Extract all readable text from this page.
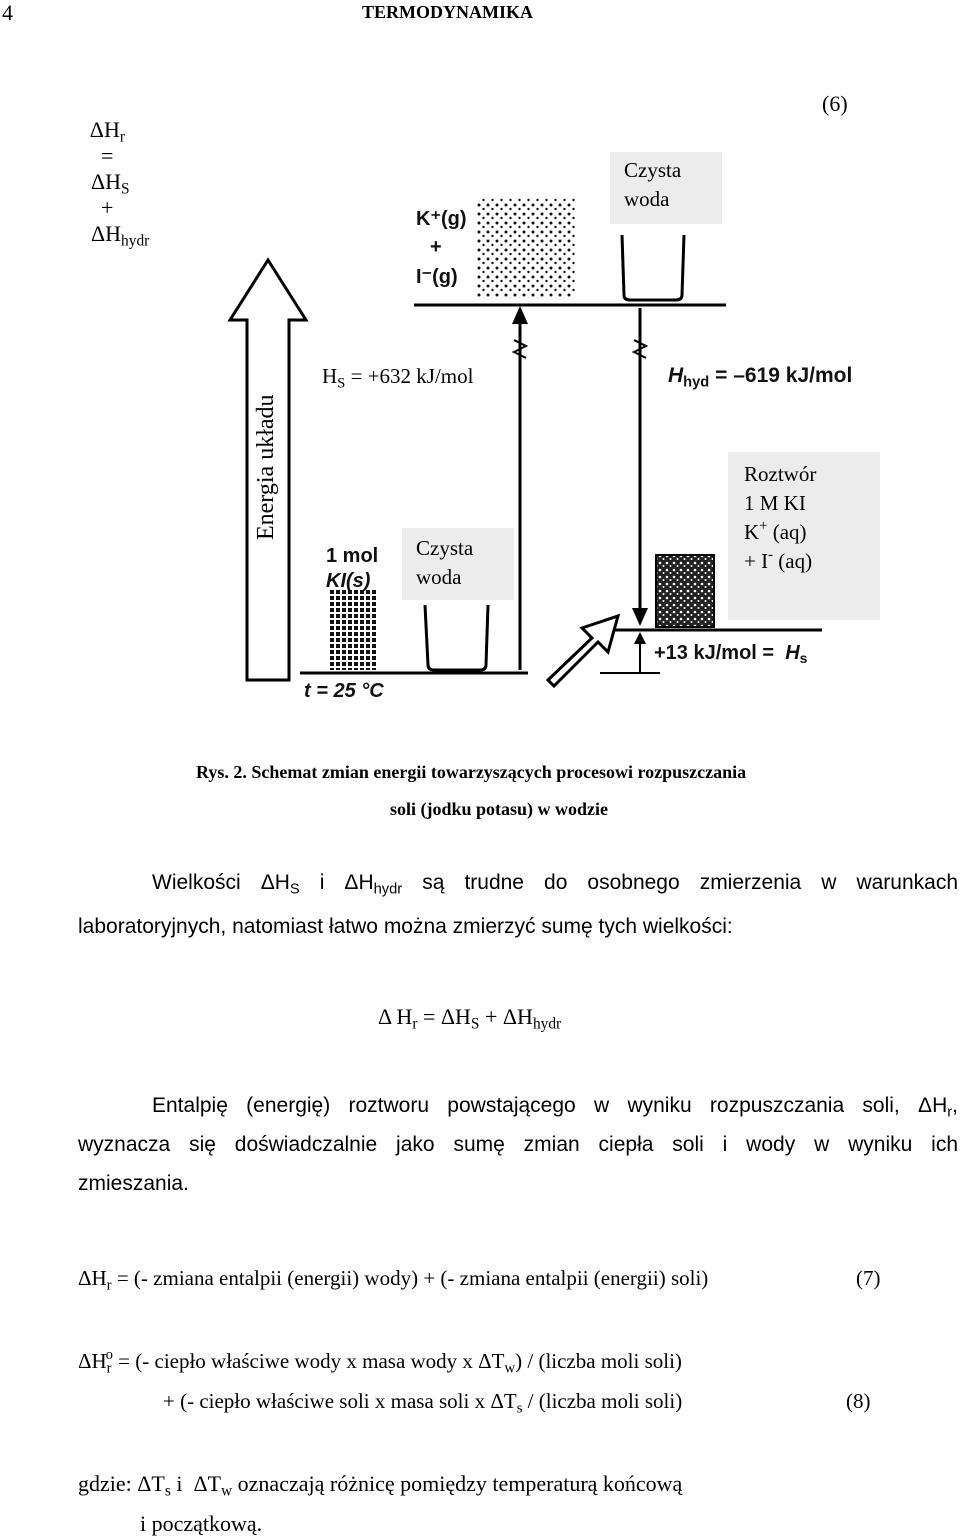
4	TERMODYNAMIKA

$\Delta H_r$
=
$\Delta H_S$
+
$\Delta H_{hydr}$

(6)
K⁺(g)
+
I⁻(g)
Czysta
woda
$H_S = +632$ kJ/mol	$H_{hyd} = -619$ kJ/mol
Roztwór
1 M KI
K+ (aq)
+ I- (aq)
1 mol
KI(s)
Czysta
woda
t = 25 °C
+13 $kJ/mol = H_s$
Rys. 2. Schemat zmian energii towarzyszących procesowi rozpuszczania
soli (jodku potasu) w wodzie
Wielkości $\Delta H_S$ i $\Delta H_{hydr}$ są trudne do osobnego zmierzenia w warunkach
laboratoryjnych, natomiast łatwo można zmierzyć sumę tych wielkości:
Δ $H_r = \Delta H_S + \Delta H_{hydr}$
Entalpię (energię) roztworu powstającego w wyniku rozpuszczania soli, $\Delta H_r$,
wyznacza się doświadczalnie jako sumę zmian ciepła soli i wody w wyniku ich
zmieszania.
$\Delta H_r$ = (- zmiana entalpii (energii) wody) + (- zmiana entalpii (energii) soli)	(7)
$\Delta H_r^o$ = (- ciepło właściwe wody x masa wody x $\Delta T_w$) / (liczba moli soli)
+ (- ciepło właściwe soli x masa soli x $\Delta T_s$ / (liczba moli soli)	(8)
gdzie: $\Delta T_s$ i  $\Delta T_w$ oznaczają różnicę pomiędzy temperaturą końcową
i początkową.
